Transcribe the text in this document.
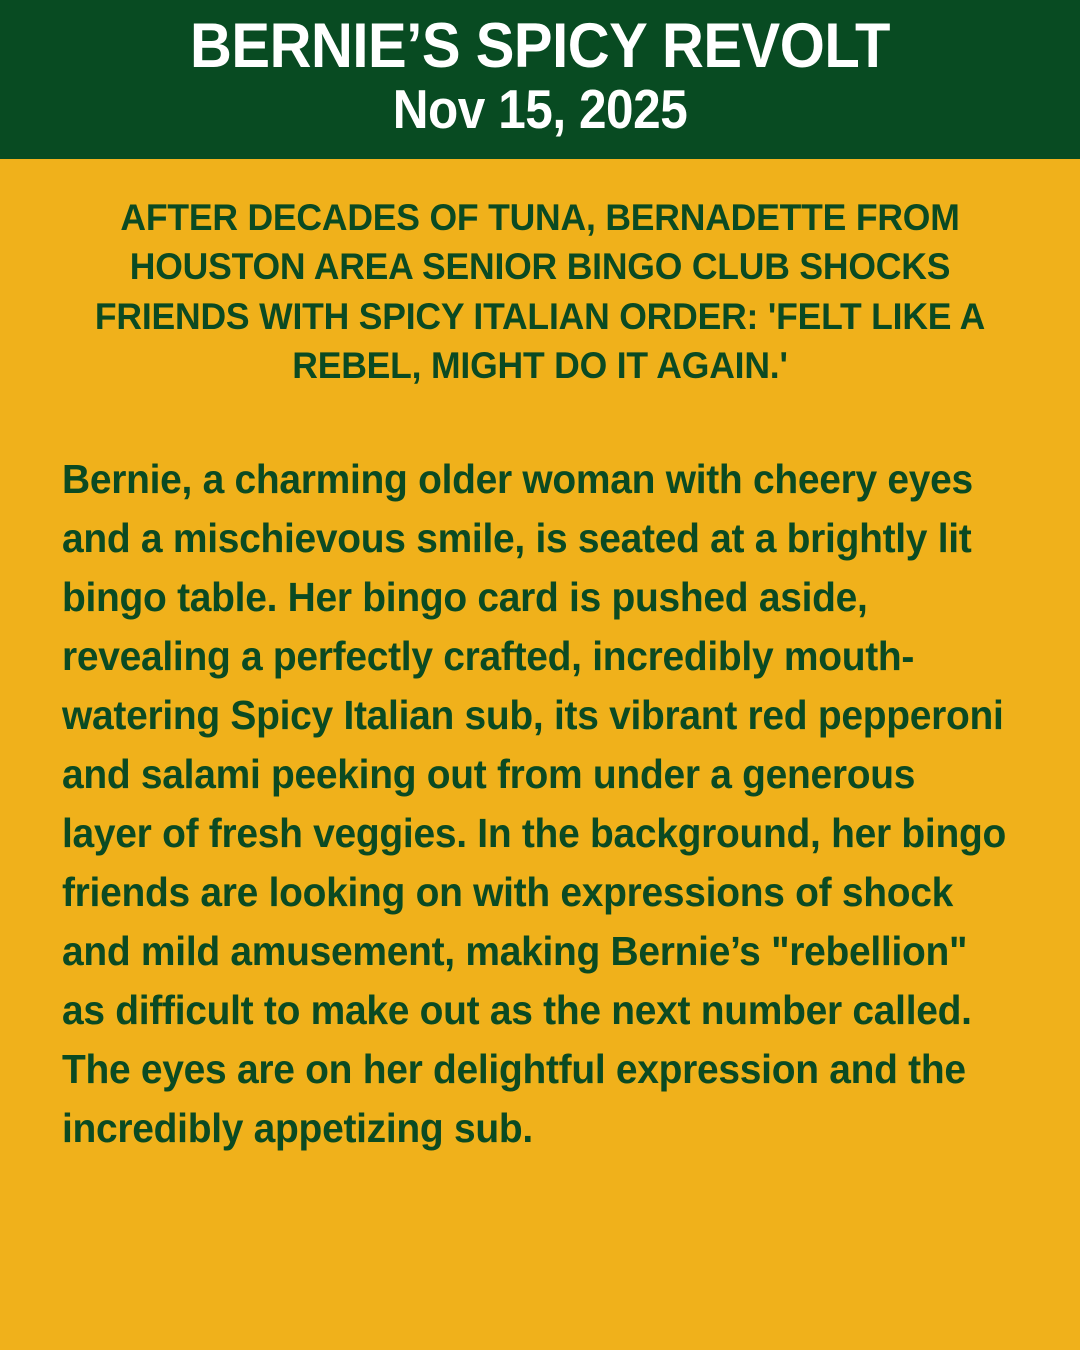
BERNIE’S SPICY REVOLT
Nov 15, 2025
AFTER DECADES OF TUNA, BERNADETTE FROM HOUSTON AREA SENIOR BINGO CLUB SHOCKS FRIENDS WITH SPICY ITALIAN ORDER: 'FELT LIKE A REBEL, MIGHT DO IT AGAIN.'
Bernie, a charming older woman with cheery eyes and a mischievous smile, is seated at a brightly lit bingo table. Her bingo card is pushed aside, revealing a perfectly crafted, incredibly mouth-watering Spicy Italian sub, its vibrant red pepperoni and salami peeking out from under a generous layer of fresh veggies. In the background, her bingo friends are looking on with expressions of shock and mild amusement, making Bernie’s "rebellion" as difficult to make out as the next number called. The eyes are on her delightful expression and the incredibly appetizing sub.
